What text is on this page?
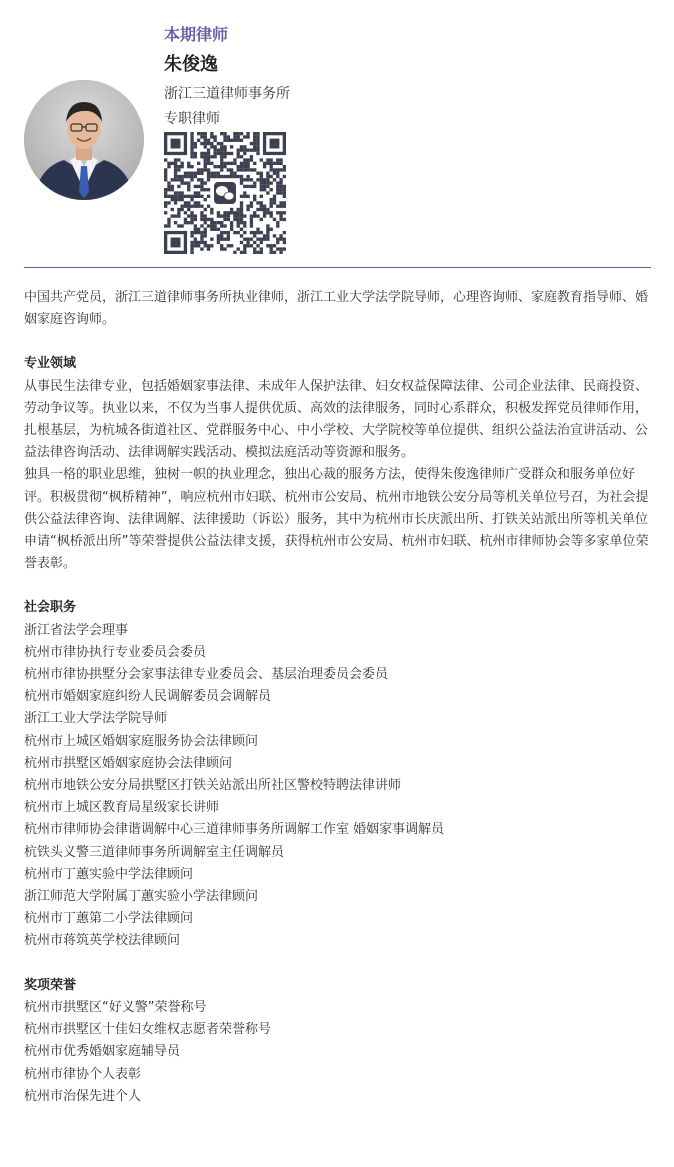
本期律师
朱俊逸
浙江三道律师事务所
专职律师

中国共产党员，浙江三道律师事务所执业律师，浙江工业大学法学院导师，心理咨询师、家庭教育指导师、婚姻家庭咨询师。

专业领域

从事民生法律专业，包括婚姻家事法律、未成年人保护法律、妇女权益保障法律、公司企业法律、民商投资、劳动争议等。执业以来，不仅为当事人提供优质、高效的法律服务，同时心系群众，积极发挥党员律师作用，扎根基层，为杭城各街道社区、党群服务中心、中小学校、大学院校等单位提供、组织公益法治宣讲活动、公益法律咨询活动、法律调解实践活动、模拟法庭活动等资源和服务。

独具一格的职业思维，独树一帜的执业理念，独出心裁的服务方法，使得朱俊逸律师广受群众和服务单位好评。积极贯彻“枫桥精神”，响应杭州市妇联、杭州市公安局、杭州市地铁公安分局等机关单位号召，为社会提供公益法律咨询、法律调解、法律援助（诉讼）服务，其中为杭州市长庆派出所、打铁关站派出所等机关单位申请“枫桥派出所”等荣誉提供公益法律支援，获得杭州市公安局、杭州市妇联、杭州市律师协会等多家单位荣誉表彰。

社会职务

浙江省法学会理事

杭州市律协执行专业委员会委员

杭州市律协拱墅分会家事法律专业委员会、基层治理委员会委员

杭州市婚姻家庭纠纷人民调解委员会调解员

浙江工业大学法学院导师

杭州市上城区婚姻家庭服务协会法律顾问

杭州市拱墅区婚姻家庭协会法律顾问

杭州市地铁公安分局拱墅区打铁关站派出所社区警校特聘法律讲师

杭州市上城区教育局星级家长讲师

杭州市律师协会律谐调解中心三道律师事务所调解工作室 婚姻家事调解员

杭铁头义警三道律师事务所调解室主任调解员

杭州市丁蕙实验中学法律顾问

浙江师范大学附属丁蕙实验小学法律顾问

杭州市丁蕙第二小学法律顾问

杭州市蒋筑英学校法律顾问

奖项荣誉

杭州市拱墅区“好义警”荣誉称号

杭州市拱墅区十佳妇女维权志愿者荣誉称号

杭州市优秀婚姻家庭辅导员

杭州市律协个人表彰

杭州市治保先进个人
